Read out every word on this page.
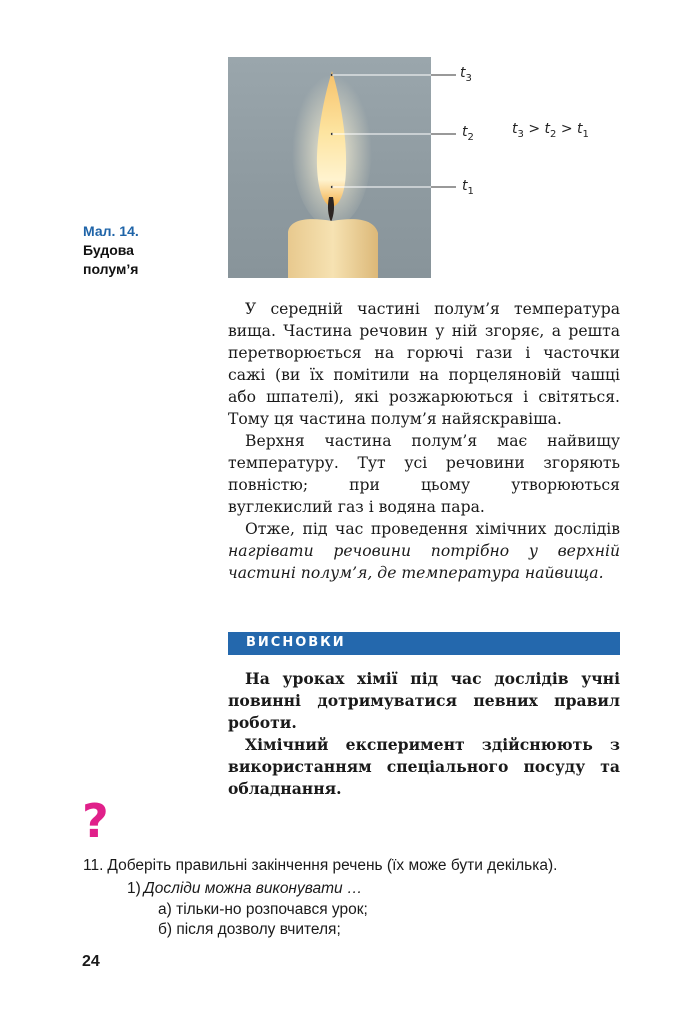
$t_3$
$t_2$
$t_1$
$t_3 > t_2 > t_1$
Мал. 14.
Будова
полум’я

У середній частині полум’я температура вища. Частина речовин у ній згоряє, а решта перетворюється на горючі гази і часточки сажі (ви їх помітили на порцеляновій чашці або шпателі), які розжарюються і світяться. Тому ця частина полум’я найяскравіша.

Верхня частина полум’я має найвищу температуру. Тут усі речовини згоряють повністю; при цьому утворюються вуглекислий газ і водяна пара.

Отже, під час проведення хімічних дослідів нагрівати речовини потрібно у верхній частині полум’я, де температура найвища.

ВИСНОВКИ

На уроках хімії під час дослідів учні повинні дотримуватися певних правил роботи.

Хімічний експеримент здійснюють з використанням спеціального посуду та обладнання.

?
11. Доберіть правильні закінчення речень (їх може бути декілька).
1) Досліди можна виконувати …
а) тільки-но розпочався урок;
б) після дозволу вчителя;
24
